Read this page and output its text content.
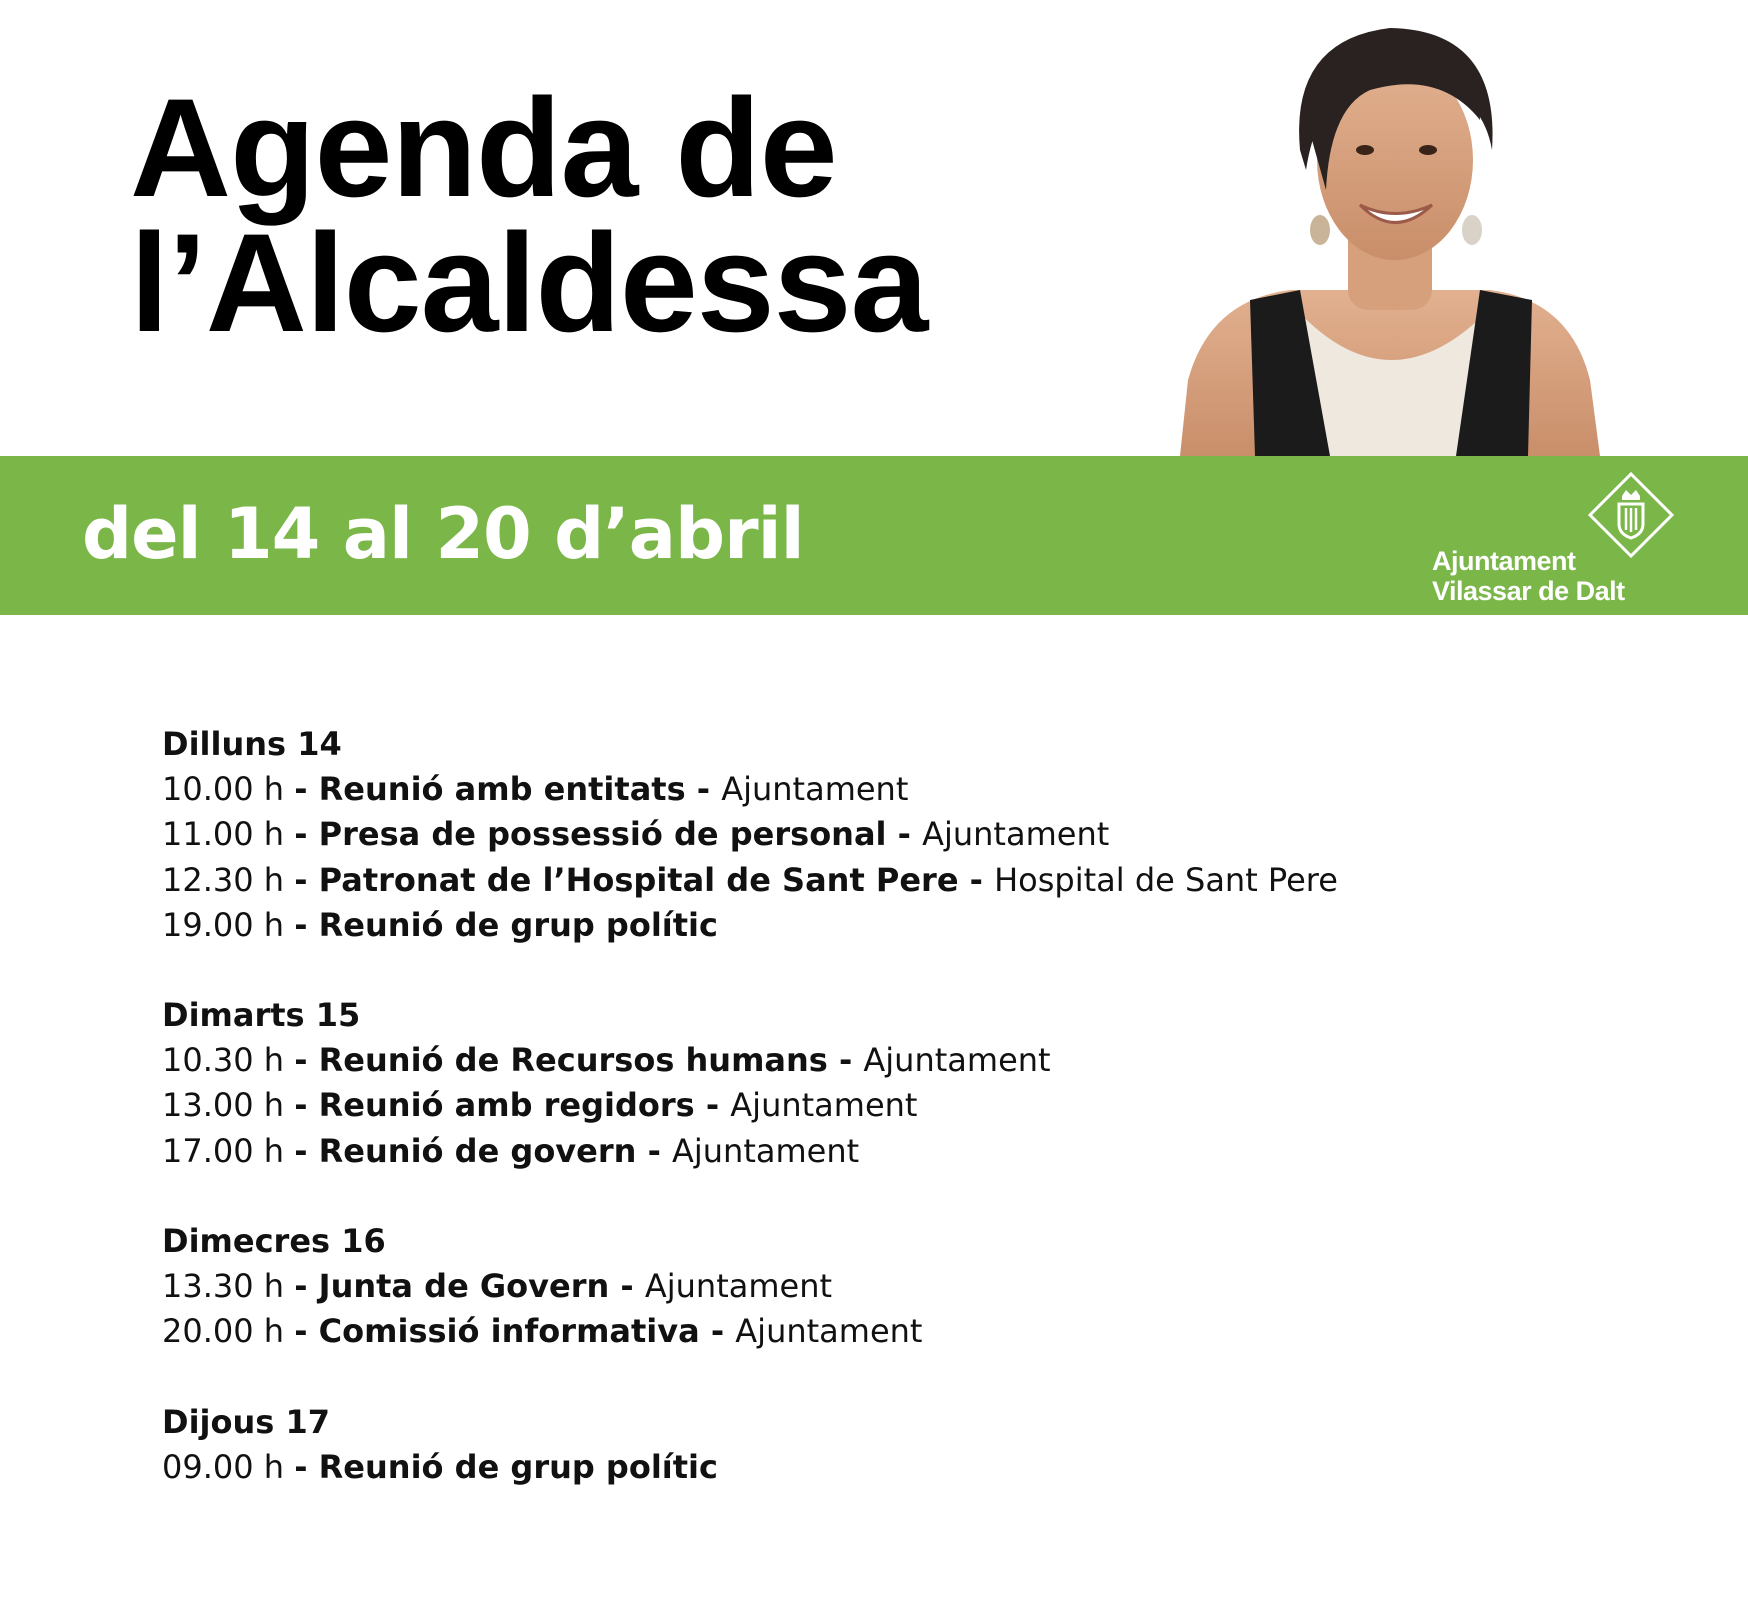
Agenda de
l’Alcaldessa
del 14 al 20 d’abril	Ajuntament
Vilassar de Dalt
Dilluns 14
10.00 h - Reunió amb entitats - Ajuntament
11.00 h - Presa de possessió de personal - Ajuntament
12.30 h - Patronat de l’Hospital de Sant Pere - Hospital de Sant Pere
19.00 h - Reunió de grup polític
Dimarts 15
10.30 h - Reunió de Recursos humans - Ajuntament
13.00 h - Reunió amb regidors - Ajuntament
17.00 h - Reunió de govern - Ajuntament
Dimecres 16
13.30 h - Junta de Govern - Ajuntament
20.00 h - Comissió informativa - Ajuntament
Dijous 17
09.00 h - Reunió de grup polític
